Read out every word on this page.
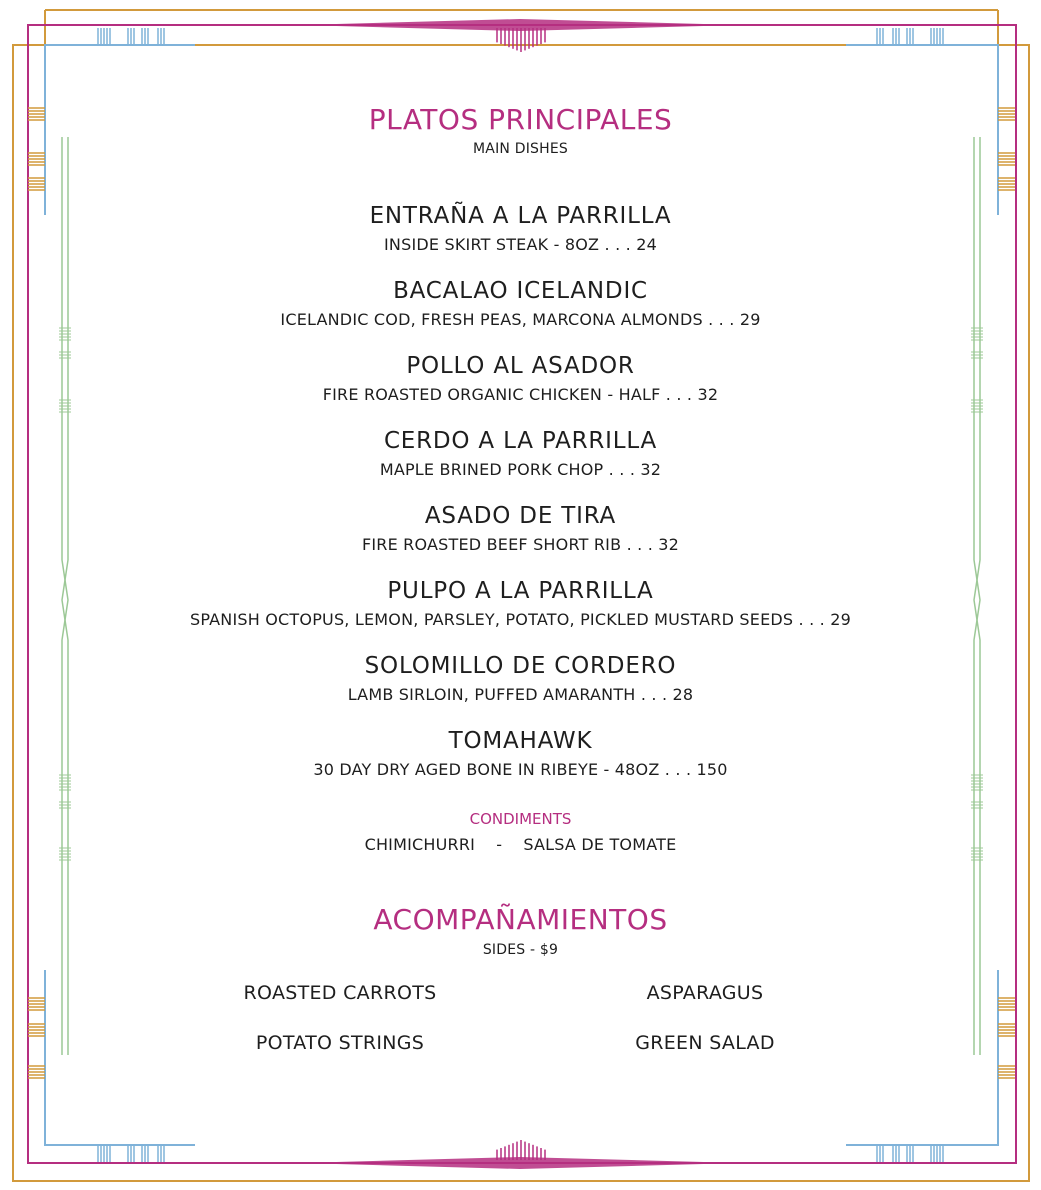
PLATOS PRINCIPALES
MAIN DISHES
ENTRAÑA A LA PARRILLA
INSIDE SKIRT STEAK - 8OZ . . . 24
BACALAO ICELANDIC
ICELANDIC COD, FRESH PEAS, MARCONA ALMONDS . . . 29
POLLO AL ASADOR
FIRE ROASTED ORGANIC CHICKEN - HALF . . . 32
CERDO A LA PARRILLA
MAPLE BRINED PORK CHOP . . . 32
ASADO DE TIRA
FIRE ROASTED BEEF SHORT RIB . . . 32
PULPO A LA PARRILLA
SPANISH OCTOPUS, LEMON, PARSLEY, POTATO, PICKLED MUSTARD SEEDS . . . 29
SOLOMILLO DE CORDERO
LAMB SIRLOIN, PUFFED AMARANTH . . . 28
TOMAHAWK
30 DAY DRY AGED BONE IN RIBEYE - 48OZ . . . 150
CONDIMENTS
CHIMICHURRI    -    SALSA DE TOMATE
ACOMPAÑAMIENTOS
SIDES - $9
ROASTED CARROTS	ASPARAGUS
POTATO STRINGS	GREEN SALAD
